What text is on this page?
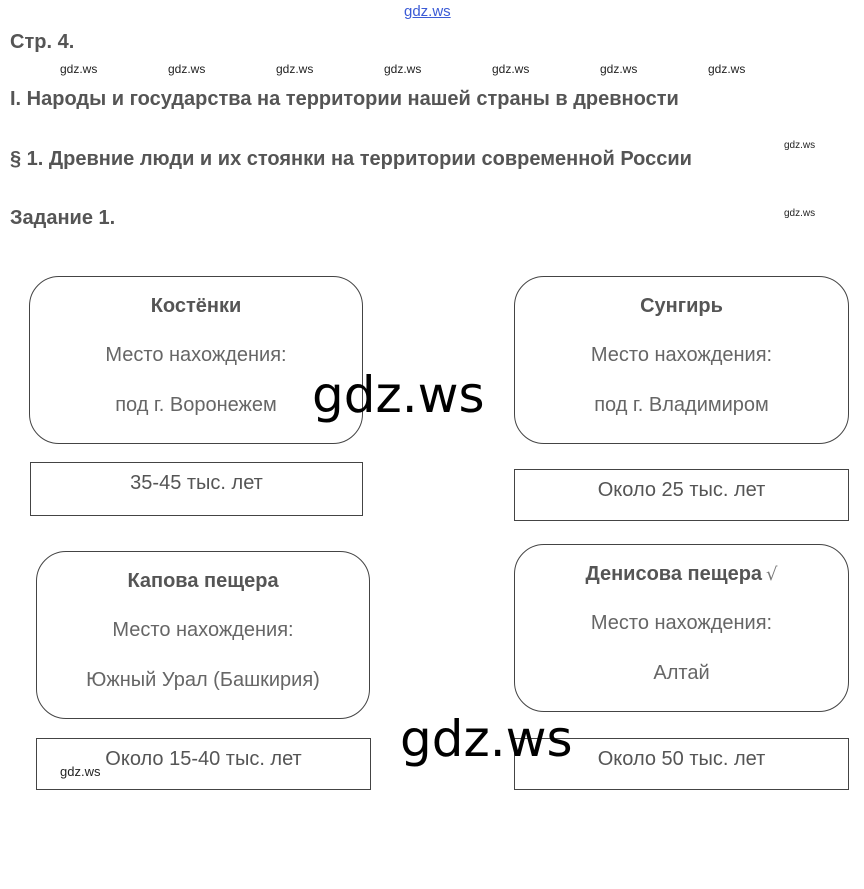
gdz.ws
Стр. 4.
gdz.ws	gdz.ws	gdz.ws	gdz.ws	gdz.ws	gdz.ws	gdz.ws
I. Народы и государства на территории нашей страны в древности
§ 1. Древние люди и их стоянки на территории современной России
Задание 1.
gdz.ws
gdz.ws
Костёнки
Место нахождения:
под г. Воронежем
35-45 тыс. лет
Сунгирь
Место нахождения:
под г. Владимиром
Около 25 тыс. лет
Капова пещера
Место нахождения:
Южный Урал (Башкирия)
Около 15-40 тыс. лет
Денисова пещера √
Место нахождения:
Алтай
Около 50 тыс. лет
gdz.ws
gdz.ws
gdz.ws
